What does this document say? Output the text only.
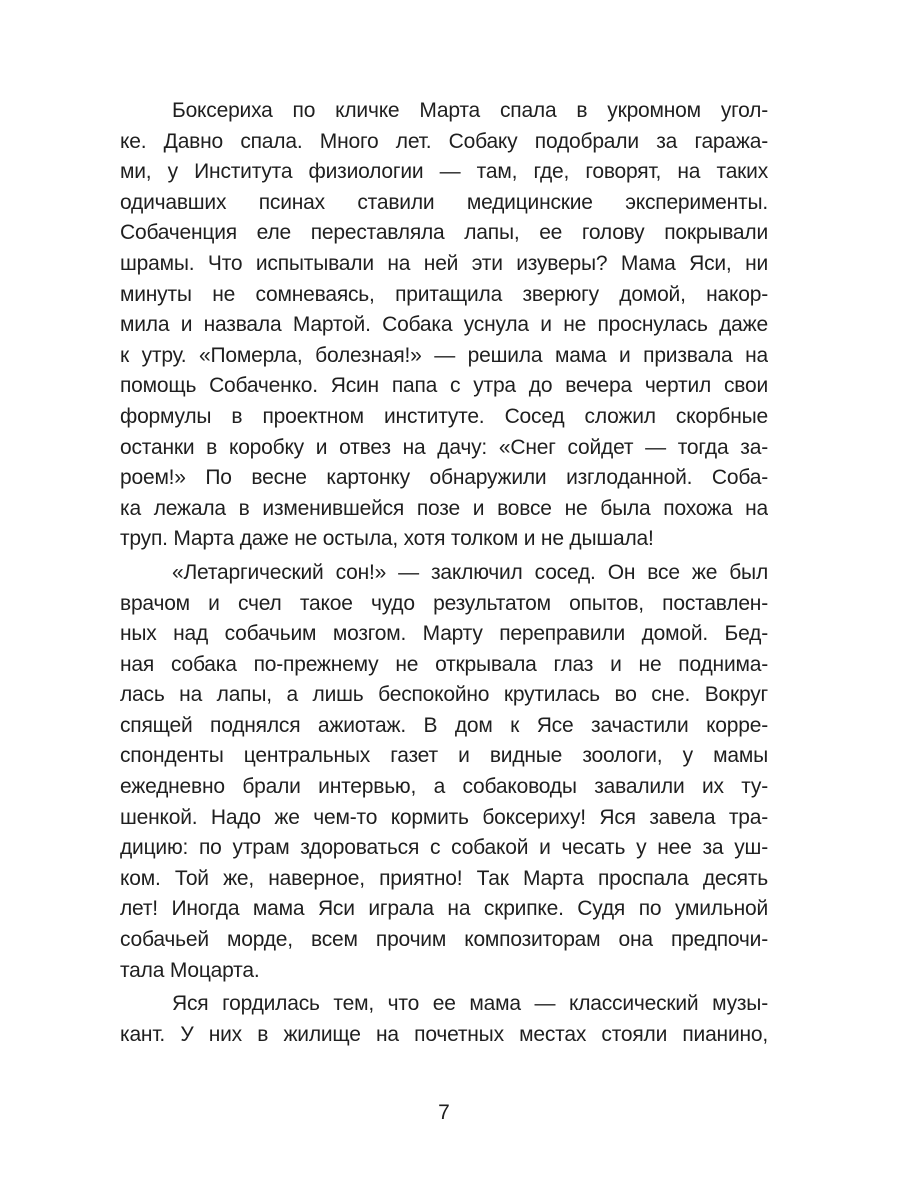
Боксериха по кличке Марта спала в укромном угол-
ке. Давно спала. Много лет. Собаку подобрали за гаража-
ми, у Института физиологии — там, где, говорят, на таких
одичавших псинах ставили медицинские эксперименты.
Собаченция еле переставляла лапы, ее голову покрывали
шрамы. Что испытывали на ней эти изуверы? Мама Яси, ни
минуты не сомневаясь, притащила зверюгу домой, накор-
мила и назвала Мартой. Собака уснула и не проснулась даже
к утру. «Померла, болезная!» — решила мама и призвала на
помощь Собаченко. Ясин папа с утра до вечера чертил свои
формулы в проектном институте. Сосед сложил скорбные
останки в коробку и отвез на дачу: «Снег сойдет — тогда за-
роем!» По весне картонку обнаружили изглоданной. Соба-
ка лежала в изменившейся позе и вовсе не была похожа на
труп. Марта даже не остыла, хотя толком и не дышала!
«Летаргический сон!» — заключил сосед. Он все же был
врачом и счел такое чудо результатом опытов, поставлен-
ных над собачьим мозгом. Марту переправили домой. Бед-
ная собака по-прежнему не открывала глаз и не поднима-
лась на лапы, а лишь беспокойно крутилась во сне. Вокруг
спящей поднялся ажиотаж. В дом к Ясе зачастили корре-
спонденты центральных газет и видные зоологи, у мамы
ежедневно брали интервью, а собаководы завалили их ту-
шенкой. Надо же чем-то кормить боксериху! Яся завела тра-
дицию: по утрам здороваться с собакой и чесать у нее за уш-
ком. Той же, наверное, приятно! Так Марта проспала десять
лет! Иногда мама Яси играла на скрипке. Судя по умильной
собачьей морде, всем прочим композиторам она предпочи-
тала Моцарта.
Яся гордилась тем, что ее мама — классический музы-
кант. У них в жилище на почетных местах стояли пианино,
7
